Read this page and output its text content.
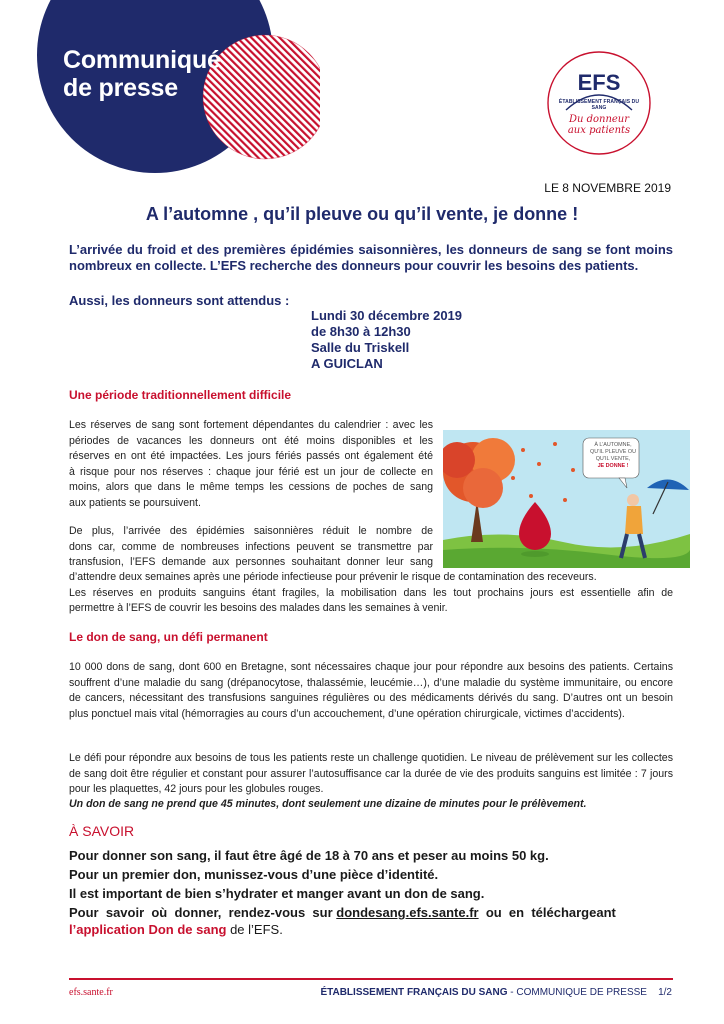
Communiqué
de presse	EFS
ÉTABLISSEMENT FRANÇAIS DU SANG
Du donneur
aux patients
LE 8 NOVEMBRE 2019
A l’automne , qu’il pleuve ou qu’il vente, je donne !
L’arrivée du froid et des premières épidémies saisonnières, les donneurs de sang se font moins nombreux en collecte. L’EFS recherche des donneurs pour couvrir les besoins des patients.
Aussi, les donneurs sont attendus :
Lundi 30 décembre 2019
de 8h30 à 12h30
Salle du Triskell
A GUICLAN
Une période traditionnellement difficile
Les réserves de sang sont fortement dépendantes du calendrier : avec les
périodes de vacances les donneurs ont été moins disponibles et les
réserves en ont été impactées. Les jours fériés passés ont également été
à risque pour nos réserves : chaque jour férié est un jour de collecte en
moins, alors que dans le même temps les cessions de poches de sang
aux patients se poursuivent.
De plus, l’arrivée des épidémies saisonnières réduit le nombre de
dons car, comme de nombreuses infections peuvent se transmettre par
transfusion, l’EFS demande aux personnes souhaitant donner leur sang
d’attendre deux semaines après une période infectieuse pour prévenir le risque de contamination des receveurs.
Les réserves en produits sanguins étant fragiles, la mobilisation dans les tout prochains jours est essentielle afin de
permettre à l’EFS de couvrir les besoins des malades dans les semaines à venir.
À L’AUTOMNE,
QU’IL PLEUVE OU
QU’IL VENTE,
JE DONNE !
Le don de sang, un défi permanent
10 000 dons de sang, dont 600 en Bretagne, sont nécessaires chaque jour pour répondre aux besoins des patients. Certains souffrent d’une maladie du sang (drépanocytose, thalassémie, leucémie…), d’une maladie du système immunitaire, ou encore de cancers, nécessitant des transfusions sanguines régulières ou des médicaments dérivés du sang. D’autres ont un besoin plus ponctuel mais vital (hémorragies au cours d’un accouchement, d’une opération chirurgicale, victimes d’accidents).
Le défi pour répondre aux besoins de tous les patients reste un challenge quotidien. Le niveau de prélèvement sur les collectes de sang doit être régulier et constant pour assurer l’autosuffisance car la durée de vie des produits sanguins est limitée : 7 jours pour les plaquettes, 42 jours pour les globules rouges.
Un don de sang ne prend que 45 minutes, dont seulement une dizaine de minutes pour le prélèvement.
À SAVOIR
Pour donner son sang, il faut être âgé de 18 à 70 ans et peser au moins 50 kg.
Pour un premier don, munissez-vous d’une pièce d’identité.
Il est important de bien s’hydrater et manger avant un don de sang.
Pour  savoir  où  donner,  rendez-vous  sur dondesang.efs.sante.fr  ou  en  téléchargeant
l’application Don de sang de l’EFS.
efs.sante.fr	ÉTABLISSEMENT FRANÇAIS DU SANG - COMMUNIQUE DE PRESSE 1/2
